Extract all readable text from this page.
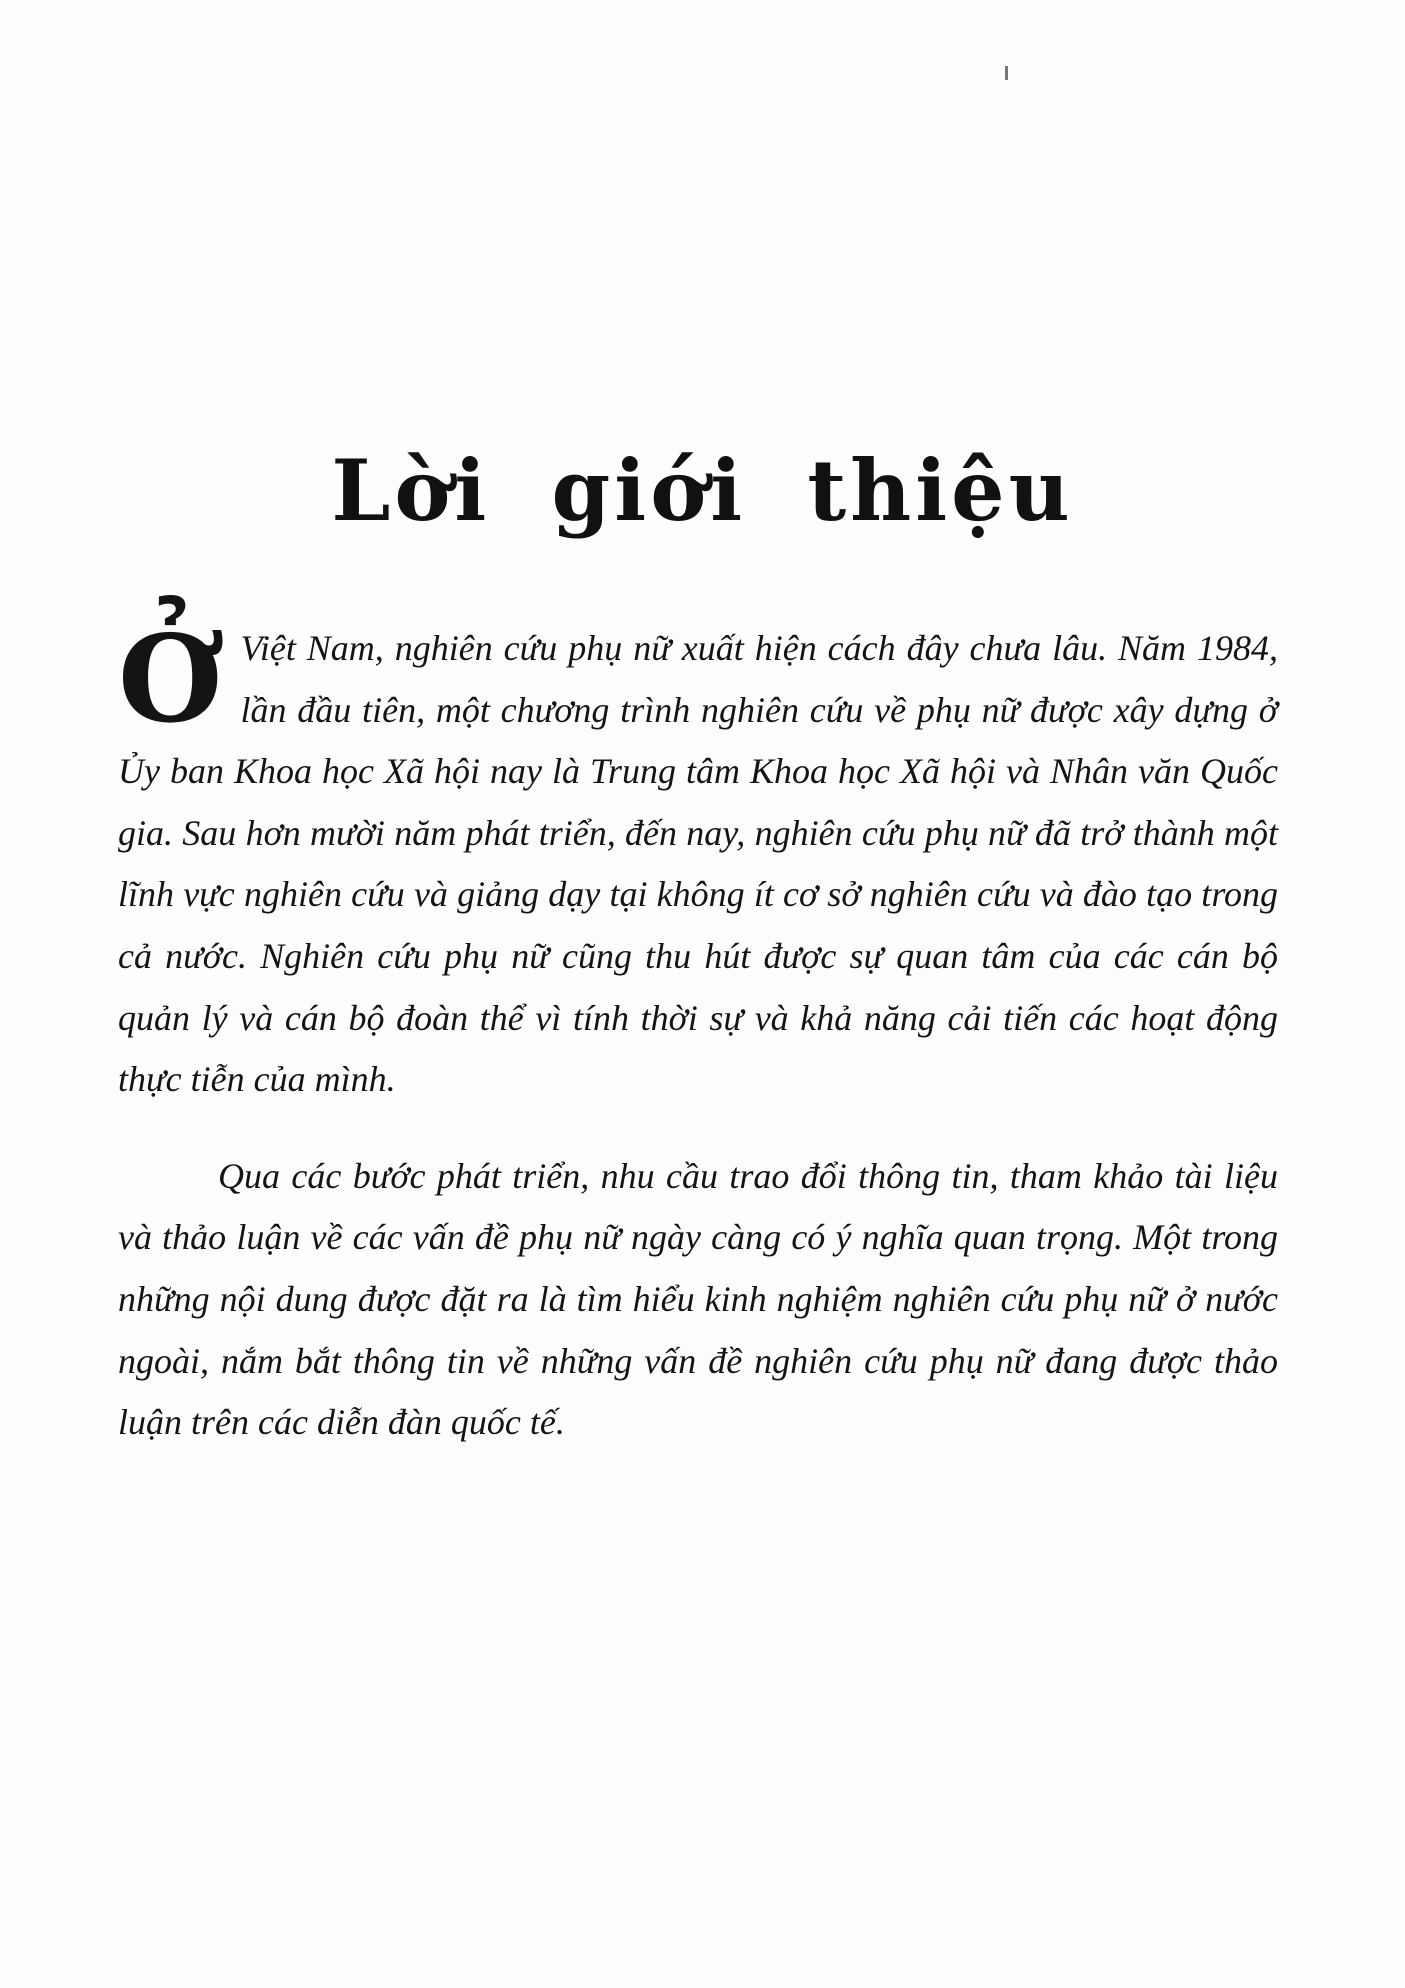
Lời giới thiệu

Ở Việt Nam, nghiên cứu phụ nữ xuất hiện cách đây chưa lâu. Năm 1984, lần đầu tiên, một chương trình nghiên cứu về phụ nữ được xây dựng ở Ủy ban Khoa học Xã hội nay là Trung tâm Khoa học Xã hội và Nhân văn Quốc gia. Sau hơn mười năm phát triển, đến nay, nghiên cứu phụ nữ đã trở thành một lĩnh vực nghiên cứu và giảng dạy tại không ít cơ sở nghiên cứu và đào tạo trong cả nước. Nghiên cứu phụ nữ cũng thu hút được sự quan tâm của các cán bộ quản lý và cán bộ đoàn thể vì tính thời sự và khả năng cải tiến các hoạt động thực tiễn của mình.

Qua các bước phát triển, nhu cầu trao đổi thông tin, tham khảo tài liệu và thảo luận về các vấn đề phụ nữ ngày càng có ý nghĩa quan trọng. Một trong những nội dung được đặt ra là tìm hiểu kinh nghiệm nghiên cứu phụ nữ ở nước ngoài, nắm bắt thông tin về những vấn đề nghiên cứu phụ nữ đang được thảo luận trên các diễn đàn quốc tế.
